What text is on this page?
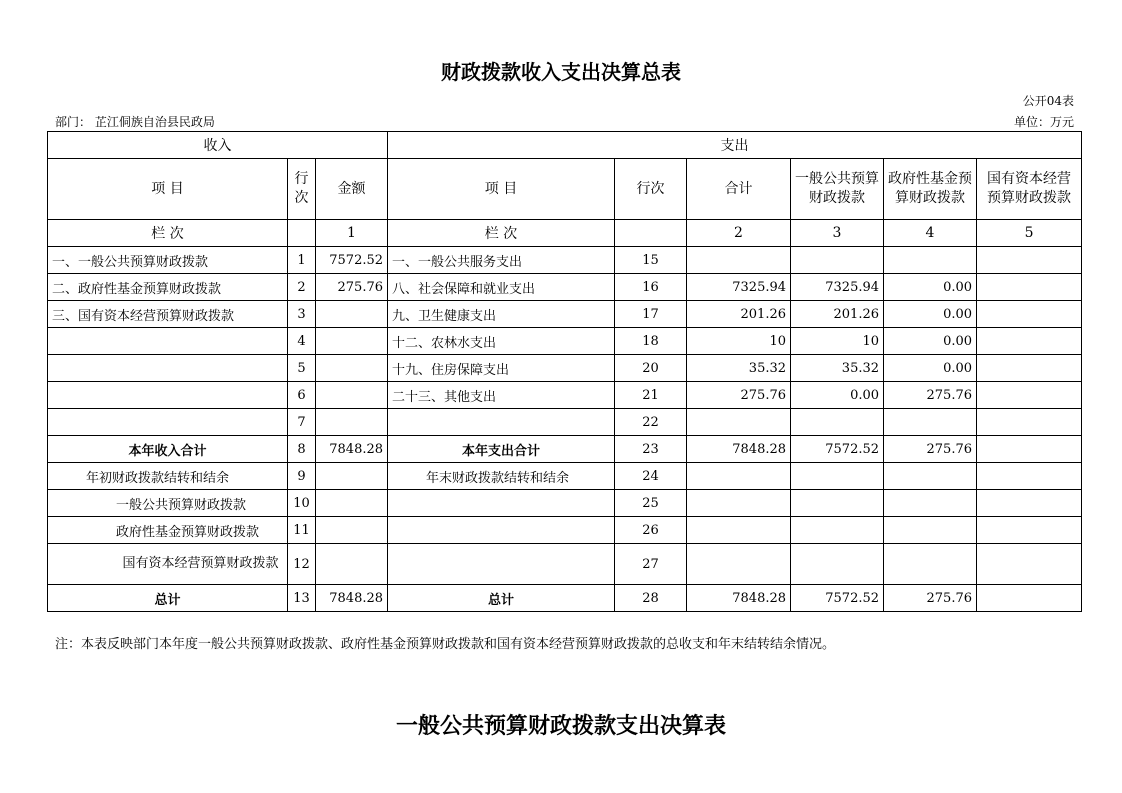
财政拨款收入支出决算总表
公开04表
部门： 芷江侗族自治县民政局	单位：万元
收入			支出					
项 目	行次	金额	项 目	行次	合计	一般公共预算财政拨款	政府性基金预算财政拨款	国有资本经营预算财政拨款
栏 次		1	栏 次		2	3	4	5
一、一般公共预算财政拨款	1	7572.52	一、一般公共服务支出	15				
二、政府性基金预算财政拨款	2	275.76	八、社会保障和就业支出	16	7325.94	7325.94	0.00	
三、国有资本经营预算财政拨款	3		九、卫生健康支出	17	201.26	201.26	0.00	
	4		十二、农林水支出	18	10	10	0.00	
	5		十九、住房保障支出	20	35.32	35.32	0.00	
	6		二十三、其他支出	21	275.76	0.00	275.76	
	7			22				
本年收入合计	8	7848.28	本年支出合计	23	7848.28	7572.52	275.76	
年初财政拨款结转和结余	9		年末财政拨款结转和结余	24				
一般公共预算财政拨款	10			25				
政府性基金预算财政拨款	11			26				
国有资本经营预算财政拨款	12			27				
总计	13	7848.28	总计	28	7848.28	7572.52	275.76	
注：本表反映部门本年度一般公共预算财政拨款、政府性基金预算财政拨款和国有资本经营预算财政拨款的总收支和年末结转结余情况。
一般公共预算财政拨款支出决算表
